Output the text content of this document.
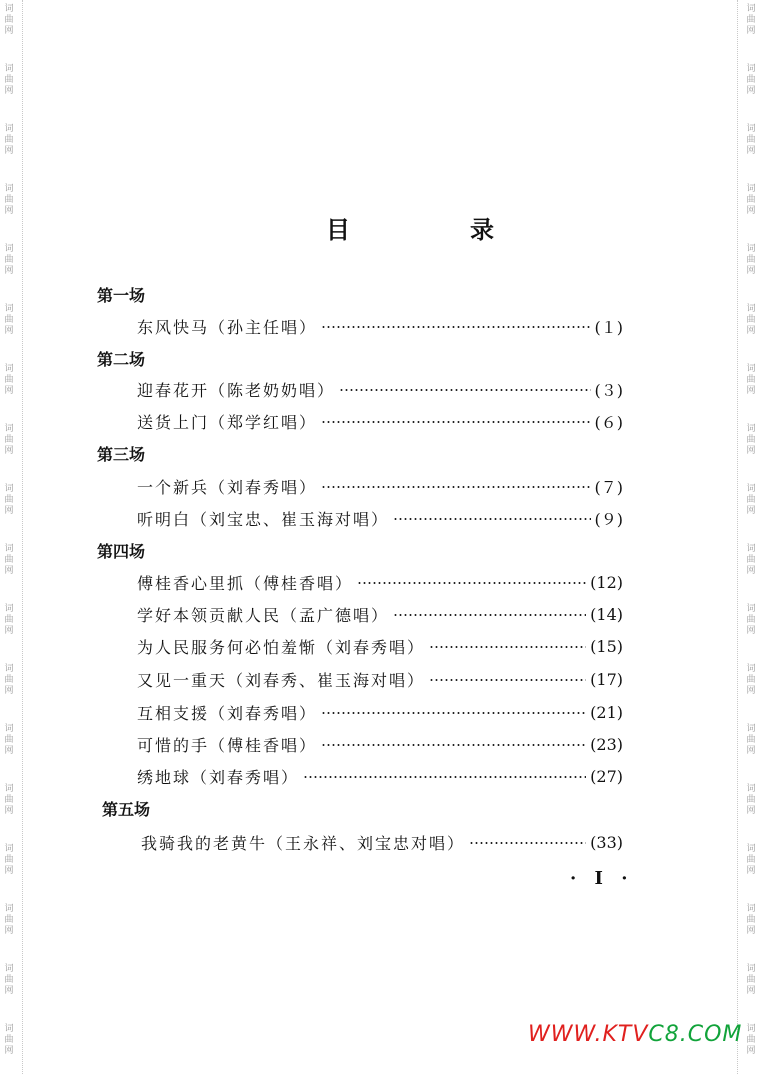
词
曲
网
词
曲
网
词
曲
网
词
曲
网
词
曲
网
词
曲
网
词
曲
网
词
曲
网
词
曲
网
词
曲
网
词
曲
网
词
曲
网
词
曲
网
词
曲
网
词
曲
网
词
曲
网
词
曲
网
词
曲
网
词
曲
网
词
曲
网
词
曲
网
词
曲
网
词
曲
网
词
曲
网
词
曲
网
词
曲
网
词
曲
网
词
曲
网
词
曲
网
词
曲
网
词
曲
网
词
曲
网
词
曲
网
词
曲
网
词
曲
网
词
曲
网
目	录
第一场
东风快马（孙主任唱）	(１)
第二场
迎春花开（陈老奶奶唱）	(３)
送货上门（郑学红唱）	(６)
第三场
一个新兵（刘春秀唱）	(７)
听明白（刘宝忠、崔玉海对唱）	(９)
第四场
傅桂香心里抓（傅桂香唱）	(12)
学好本领贡献人民（孟广德唱）	(14)
为人民服务何必怕羞惭（刘春秀唱）	(15)
又见一重天（刘春秀、崔玉海对唱）	(17)
互相支援（刘春秀唱）	(21)
可惜的手（傅桂香唱）	(23)
绣地球（刘春秀唱）	(27)
第五场
我骑我的老黄牛（王永祥、刘宝忠对唱）	(33)
· I ·
WWW.KTVC8.COM
